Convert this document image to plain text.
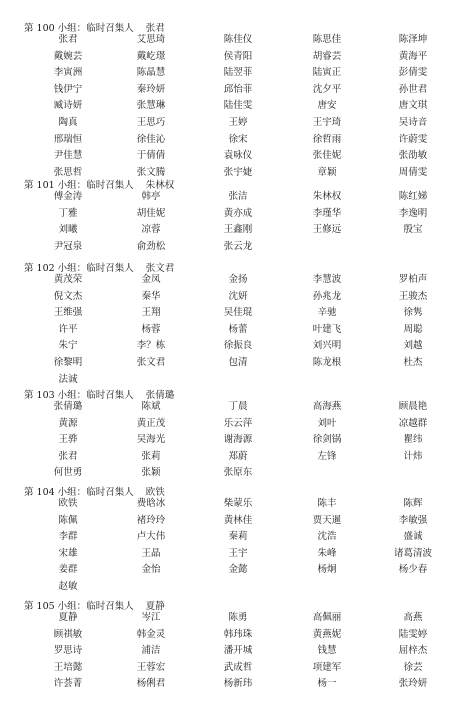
第 100 小组：临时召集人 张君
张君	艾思琦	陈佳仪	陈思佳	陈泽坤
戴婉芸	戴屹璟	侯青阳	胡睿芸	黄海平
李寅洲	陈晶慧	陆翌菲	陆寅正	彭倩雯
钱伊宁	秦玲妍	邱怡菲	沈夕平	孙世君
臧诗妍	张慧琳	陆佳雯	唐安	唐文琪
陶真	王思巧	王婷	王宇琦	吴诗音
邢瑞恒	徐佳沁	徐宋	徐哲雨	许蔚雯
尹佳慧	于倩倩	袁咏仪	张佳妮	张劭敏
张思哲	张文腾	张宇婕	章颖	周倩雯
第 101 小组：临时召集人 朱林权
傅金涛	韩亭	张洁	朱林权	陈红娣
丁雅	胡佳妮	黄亦成	李瑾华	李逸明
刘曦	凉蓉	王鑫刚	王修远	殷宝
尹冠泉	俞劲松	张云龙
第 102 小组：临时召集人 张文君
黄茂荣	金凤	金扬	李慧波	罗柏声
倪文杰	秦华	沈妍	孙兆龙	王骏杰
王维强	王翔	吴佳琨	辛驰	徐隽
许平	杨蓉	杨蕾	叶建飞	周聪
朱宁	李？栋	徐振良	刘兴明	刘越
徐黎明	张文君	包清	陈龙根	杜杰
法诚
第 103 小组：临时召集人 张倩璐
张倩璐	陈斌	丁晨	高海燕	顾晨艳
黄源	黄正茂	乐云萍	刘叶	凉越群
王骅	吴海光	谢海源	徐剑锅	瞿纬
张君	张莉	郑蔚	左锋	计炜
何世勇	张颖	张原东
第 104 小组：临时召集人 欧铁
欧铁	费晗冰	柴蒙乐	陈丰	陈辉
陈佩	褚玲玲	黄林佳	贾天暹	李敏强
李群	卢大伟	秦莉	沈浩	盛诚
宋雄	王晶	王宇	朱峰	诸葛清波
姜群	金怡	金懿	杨炯	杨少春
赵敏
第 105 小组：临时召集人 夏静
夏静	岑江	陈勇	高佩丽	高燕
顾祺敏	韩金灵	韩玮珠	黄燕妮	陆雯婷
罗思诗	浦洁	潘开城	钱慧	屈梓杰
王培懿	王蓉宏	武成哲	项建军	徐芸
许荟菁	杨俐君	杨新玮	杨一	张玲妍
